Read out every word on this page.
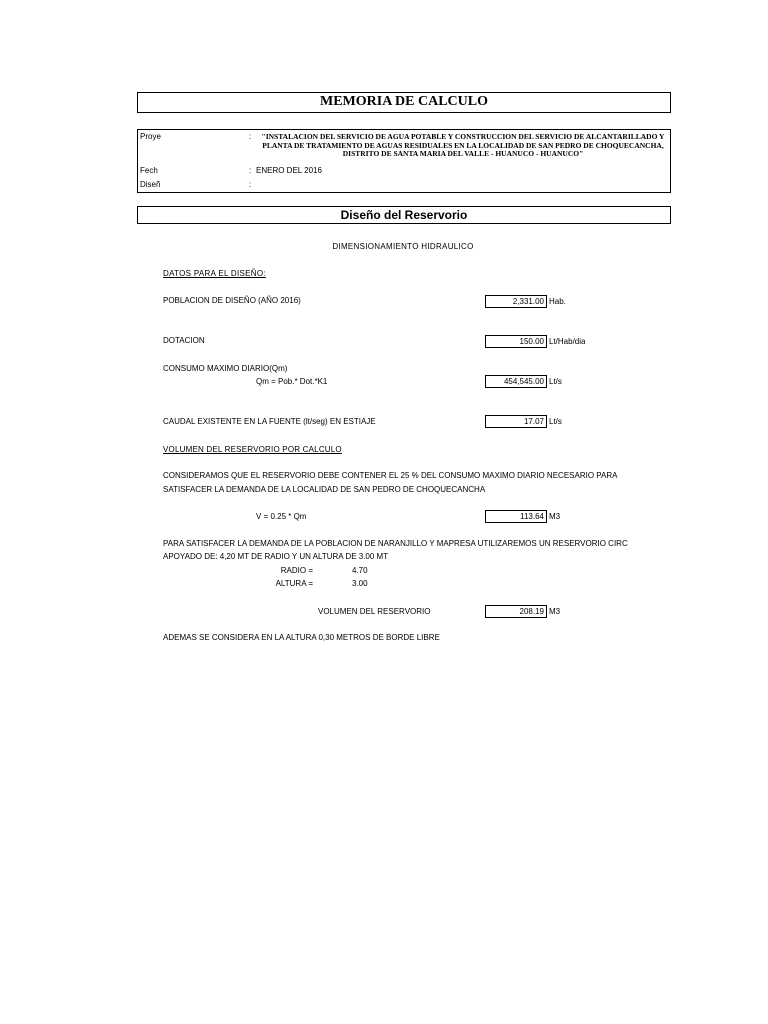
MEMORIA DE CALCULO
Proye	:	"INSTALACION DEL SERVICIO DE AGUA POTABLE Y CONSTRUCCION DEL SERVICIO DE ALCANTARILLADO Y
PLANTA DE TRATAMIENTO DE AGUAS RESIDUALES EN LA LOCALIDAD DE SAN PEDRO DE CHOQUECANCHA,
DISTRITO DE SANTA MARIA DEL VALLE - HUANUCO - HUANUCO"
Fech	: ENERO DEL 2016
Diseñ	:
Diseño del Reservorio
DIMENSIONAMIENTO HIDRAULICO
DATOS PARA EL DISEÑO:
POBLACION DE DISEÑO (AÑO 2016)	2,331.00 Hab.
DOTACION	150.00 Lt/Hab/dia
CONSUMO MAXIMO DIARIO(Qm)
Qm = Pob.* Dot.*K1	454,545.00 Lt/s
CAUDAL EXISTENTE EN LA FUENTE (lt/seg) EN ESTIAJE	17.07 Lt/s
VOLUMEN DEL RESERVORIO POR CALCULO
CONSIDERAMOS QUE EL RESERVORIO DEBE CONTENER EL 25 % DEL CONSUMO MAXIMO DIARIO NECESARIO PARA
SATISFACER LA DEMANDA DE LA LOCALIDAD DE SAN PEDRO DE CHOQUECANCHA
V = 0.25 * Qm	113.64 M3
PARA SATISFACER LA DEMANDA DE LA POBLACION DE NARANJILLO Y MAPRESA UTILIZAREMOS UN RESERVORIO CIRC
APOYADO DE: 4,20 MT DE RADIO Y UN ALTURA DE 3.00 MT
RADIO =	4.70
ALTURA =	3.00
VOLUMEN DEL RESERVORIO	208.19 M3
ADEMAS SE CONSIDERA EN LA ALTURA 0,30 METROS DE BORDE LIBRE
